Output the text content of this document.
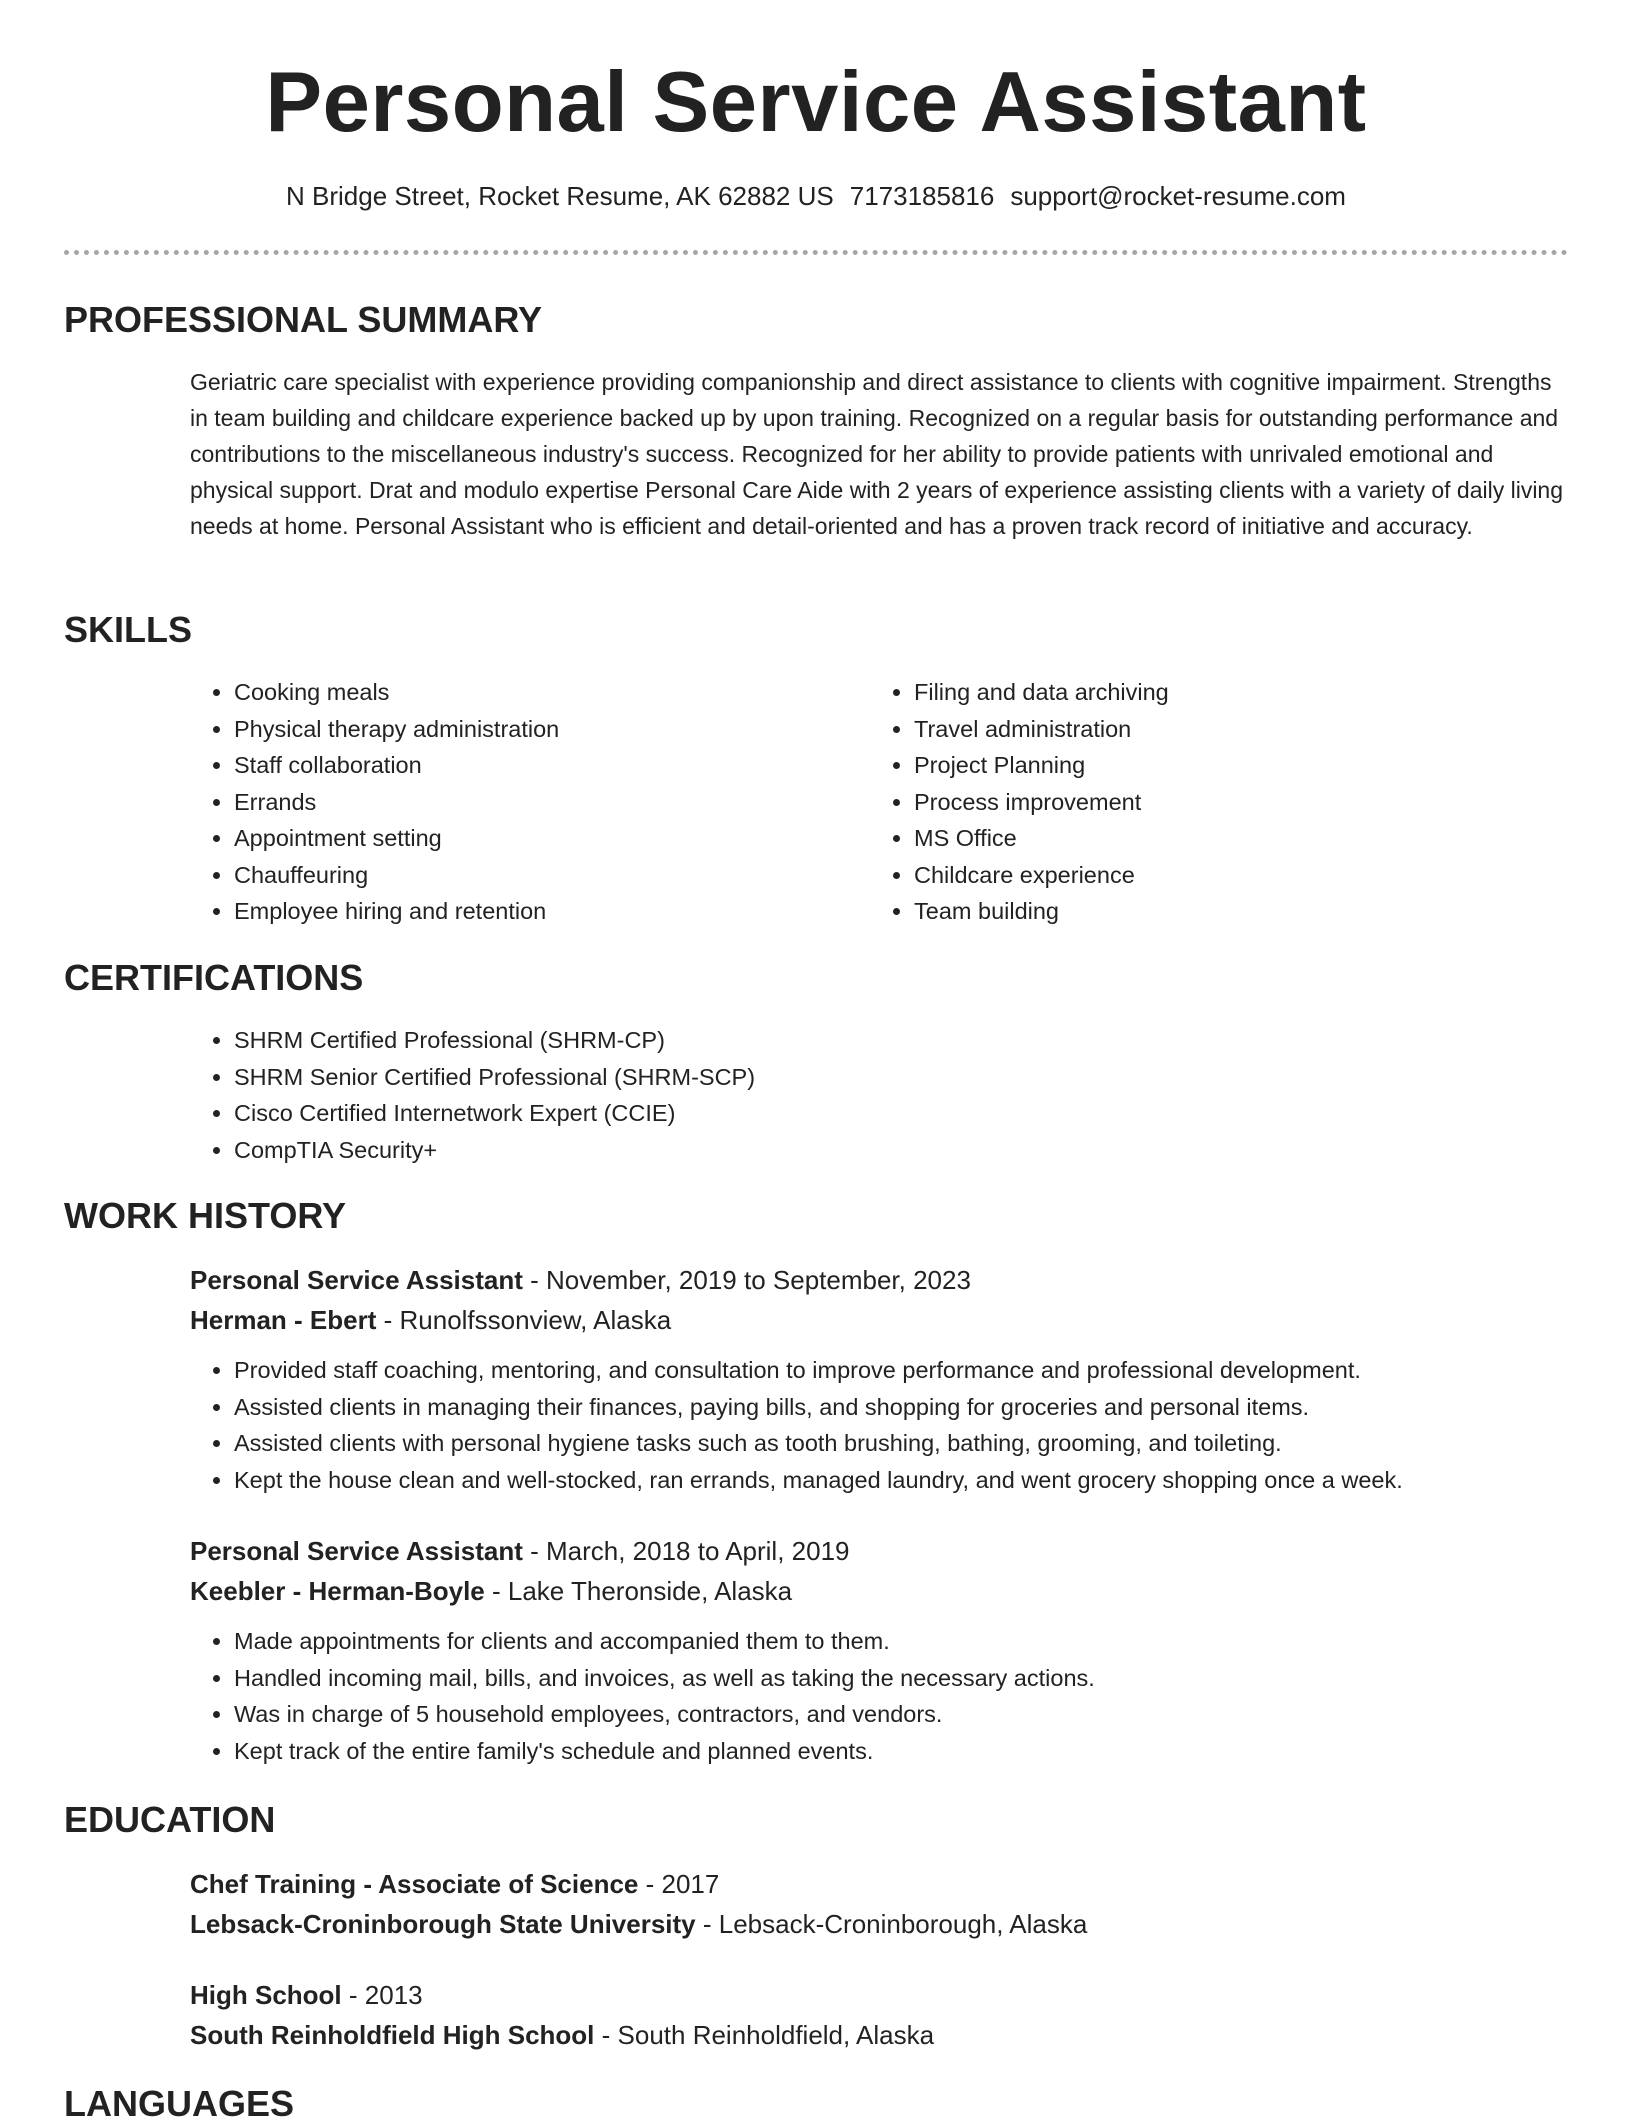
Personal Service Assistant
N Bridge Street, Rocket Resume, AK 62882 US 7173185816 support@rocket-resume.com
PROFESSIONAL SUMMARY

Geriatric care specialist with experience providing companionship and direct assistance to clients with cognitive impairment. Strengths in team building and childcare experience backed up by upon training. Recognized on a regular basis for outstanding performance and contributions to the miscellaneous industry's success. Recognized for her ability to provide patients with unrivaled emotional and physical support. Drat and modulo expertise Personal Care Aide with 2 years of experience assisting clients with a variety of daily living needs at home. Personal Assistant who is efficient and detail-oriented and has a proven track record of initiative and accuracy.

SKILLS
• Cooking meals
• Physical therapy administration
• Staff collaboration
• Errands
• Appointment setting
• Chauffeuring
• Employee hiring and retention
• Filing and data archiving
• Travel administration
• Project Planning
• Process improvement
• MS Office
• Childcare experience
• Team building
CERTIFICATIONS
• SHRM Certified Professional (SHRM-CP)
• SHRM Senior Certified Professional (SHRM-SCP)
• Cisco Certified Internetwork Expert (CCIE)
• CompTIA Security+
WORK HISTORY
Personal Service Assistant - November, 2019 to September, 2023
Herman - Ebert - Runolfssonview, Alaska
• Provided staff coaching, mentoring, and consultation to improve performance and professional development.
• Assisted clients in managing their finances, paying bills, and shopping for groceries and personal items.
• Assisted clients with personal hygiene tasks such as tooth brushing, bathing, grooming, and toileting.
• Kept the house clean and well-stocked, ran errands, managed laundry, and went grocery shopping once a week.
Personal Service Assistant - March, 2018 to April, 2019
Keebler - Herman-Boyle - Lake Theronside, Alaska
• Made appointments for clients and accompanied them to them.
• Handled incoming mail, bills, and invoices, as well as taking the necessary actions.
• Was in charge of 5 household employees, contractors, and vendors.
• Kept track of the entire family's schedule and planned events.
EDUCATION
Chef Training - Associate of Science - 2017
Lebsack-Croninborough State University - Lebsack-Croninborough, Alaska
High School - 2013
South Reinholdfield High School - South Reinholdfield, Alaska
LANGUAGES
